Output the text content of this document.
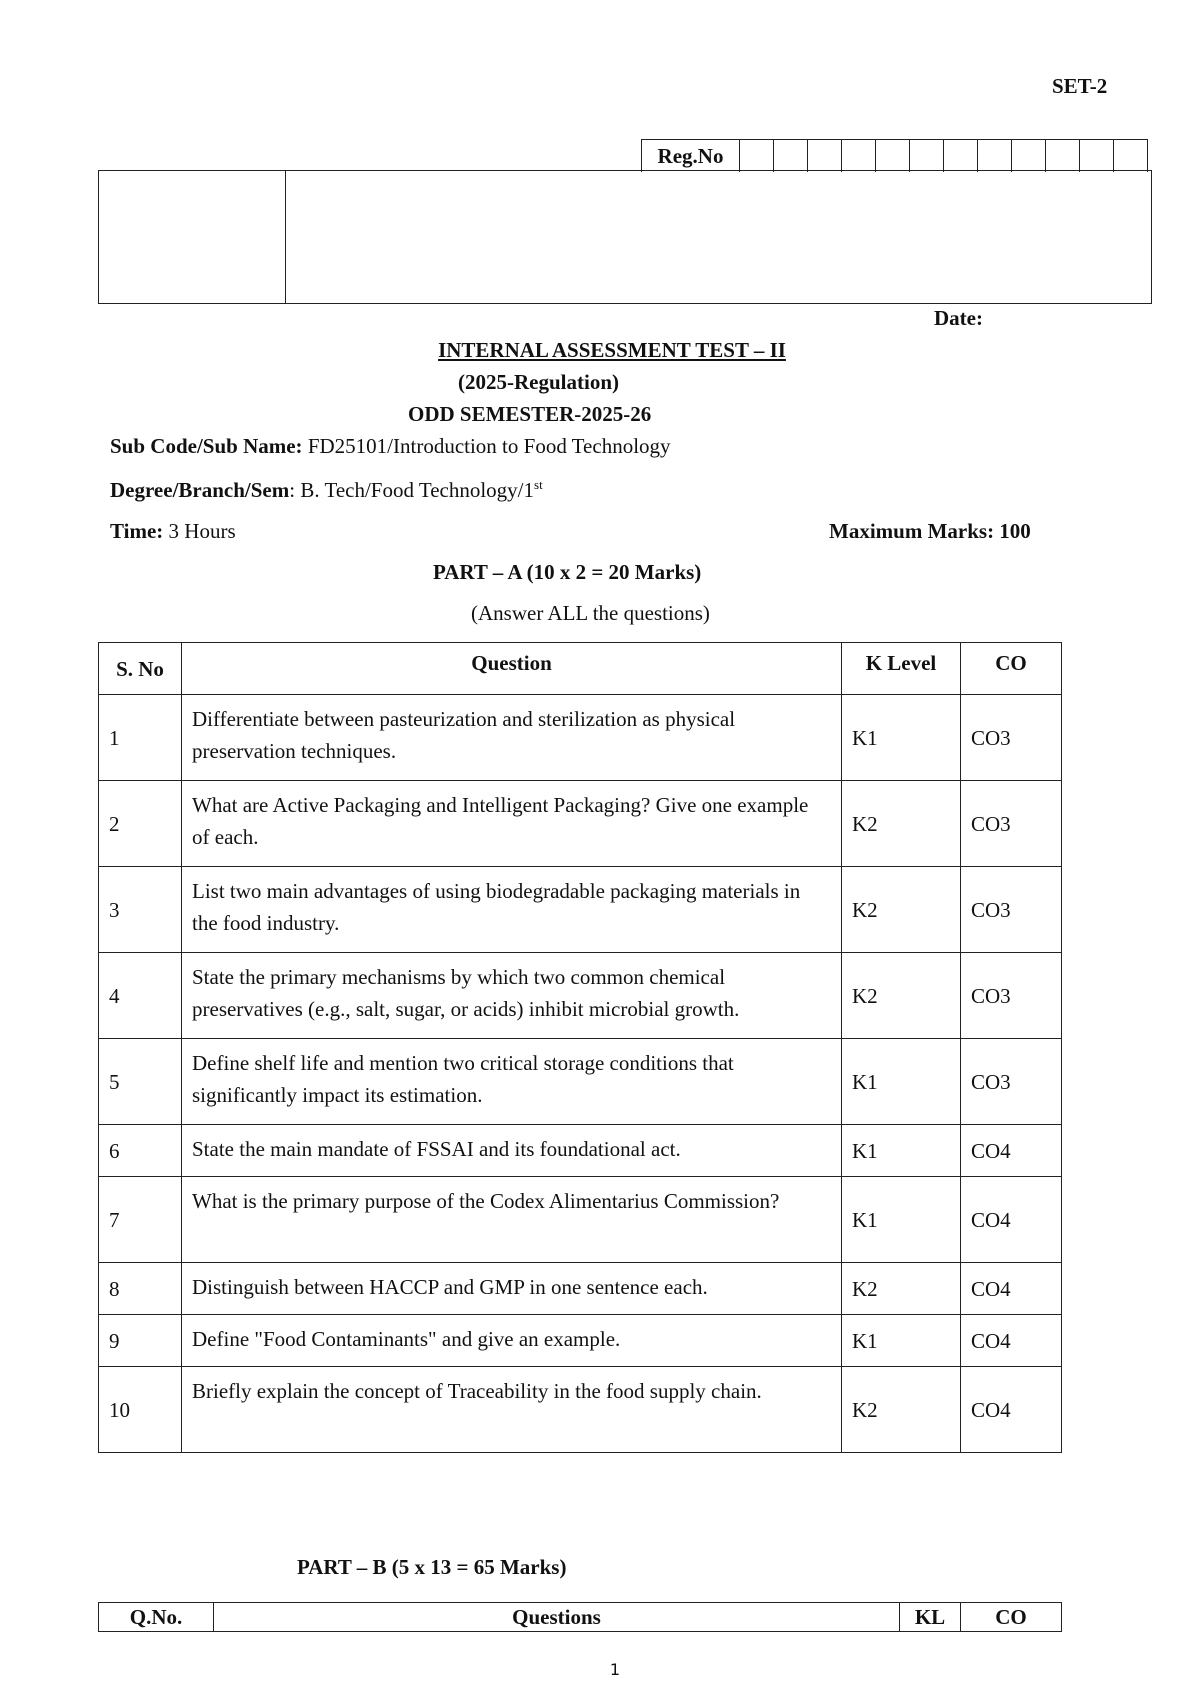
SET-2
Reg.No
Date:
INTERNAL ASSESSMENT TEST – II
(2025-Regulation)
ODD SEMESTER-2025-26
Sub Code/Sub Name: FD25101/Introduction to Food Technology
Degree/Branch/Sem: B. Tech/Food Technology/1st
Time: 3 Hours	Maximum Marks: 100
PART – A (10 x 2 = 20 Marks)
(Answer ALL the questions)
S. No	Question	K Level	CO
1	Differentiate between pasteurization and sterilization as physical preservation techniques.	K1	CO3
2	What are Active Packaging and Intelligent Packaging? Give one example of each.	K2	CO3
3	List two main advantages of using biodegradable packaging materials in the food industry.	K2	CO3
4	State the primary mechanisms by which two common chemical preservatives (e.g., salt, sugar, or acids) inhibit microbial growth.	K2	CO3
5	Define shelf life and mention two critical storage conditions that significantly impact its estimation.	K1	CO3
6	State the main mandate of FSSAI and its foundational act.	K1	CO4
7	What is the primary purpose of the Codex Alimentarius Commission?	K1	CO4
8	Distinguish between HACCP and GMP in one sentence each.	K2	CO4
9	Define "Food Contaminants" and give an example.	K1	CO4
10	Briefly explain the concept of Traceability in the food supply chain.	K2	CO4
PART – B (5 x 13 = 65 Marks)
Q.No.	Questions	KL	CO
1
